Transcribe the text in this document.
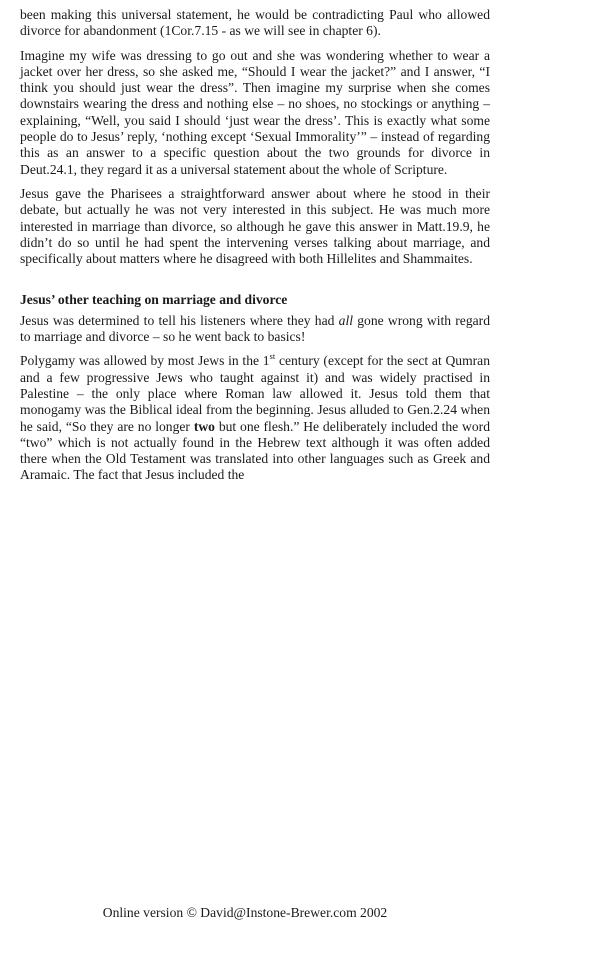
been making this universal statement, he would be contradicting Paul who allowed divorce for abandonment (1Cor.7.15 - as we will see in chapter 6).

Imagine my wife was dressing to go out and she was wondering whether to wear a jacket over her dress, so she asked me, “Should I wear the jacket?” and I answer, “I think you should just wear the dress”. Then imagine my surprise when she comes downstairs wearing the dress and nothing else – no shoes, no stockings or anything – explaining, “Well, you said I should ‘just wear the dress’. This is exactly what some people do to Jesus’ reply, ‘nothing except ‘Sexual Immorality’” – instead of regarding this as an answer to a specific question about the two grounds for divorce in Deut.24.1, they regard it as a universal statement about the whole of Scripture.

Jesus gave the Pharisees a straightforward answer about where he stood in their debate, but actually he was not very interested in this subject. He was much more interested in marriage than divorce, so although he gave this answer in Matt.19.9, he didn’t do so until he had spent the intervening verses talking about marriage, and specifically about matters where he disagreed with both Hillelites and Shammaites.

Jesus’ other teaching on marriage and divorce

Jesus was determined to tell his listeners where they had all gone wrong with regard to marriage and divorce – so he went back to basics!

Polygamy was allowed by most Jews in the 1st century (except for the sect at Qumran and a few progressive Jews who taught against it) and was widely practised in Palestine – the only place where Roman law allowed it. Jesus told them that monogamy was the Biblical ideal from the beginning. Jesus alluded to Gen.2.24 when he said, “So they are no longer two but one flesh.” He deliberately included the word “two” which is not actually found in the Hebrew text although it was often added there when the Old Testament was translated into other languages such as Greek and Aramaic. The fact that Jesus included the

Online version © David@Instone-Brewer.com 2002
